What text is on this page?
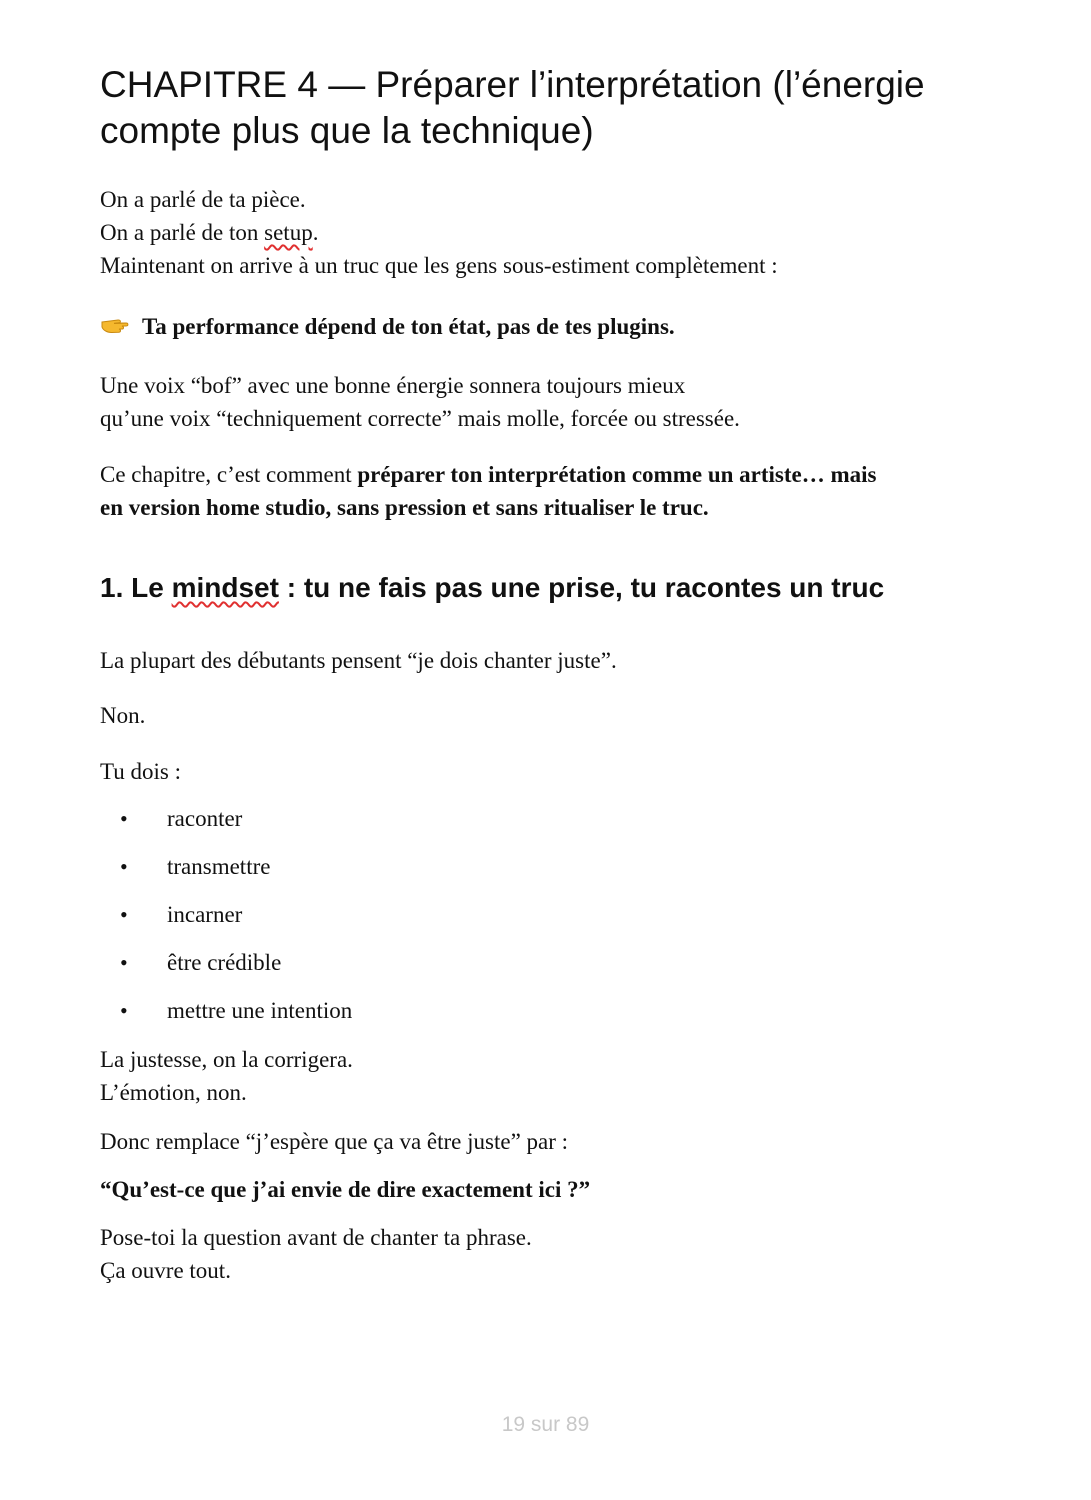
CHAPITRE 4 — Préparer l’interprétation (l’énergie
compte plus que la technique)

On a parlé de ta pièce.
On a parlé de ton setup.
Maintenant on arrive à un truc que les gens sous-estiment complètement :

Ta performance dépend de ton état, pas de tes plugins.

Une voix “bof” avec une bonne énergie sonnera toujours mieux
qu’une voix “techniquement correcte” mais molle, forcée ou stressée.

Ce chapitre, c’est comment préparer ton interprétation comme un artiste… mais
en version home studio, sans pression et sans ritualiser le truc.

1. Le mindset : tu ne fais pas une prise, tu racontes un truc

La plupart des débutants pensent “je dois chanter juste”.

Non.

Tu dois :

• raconter
• transmettre
• incarner
• être crédible
• mettre une intention

La justesse, on la corrigera.
L’émotion, non.

Donc remplace “j’espère que ça va être juste” par :

“Qu’est-ce que j’ai envie de dire exactement ici ?”

Pose-toi la question avant de chanter ta phrase.
Ça ouvre tout.

19 sur 89
